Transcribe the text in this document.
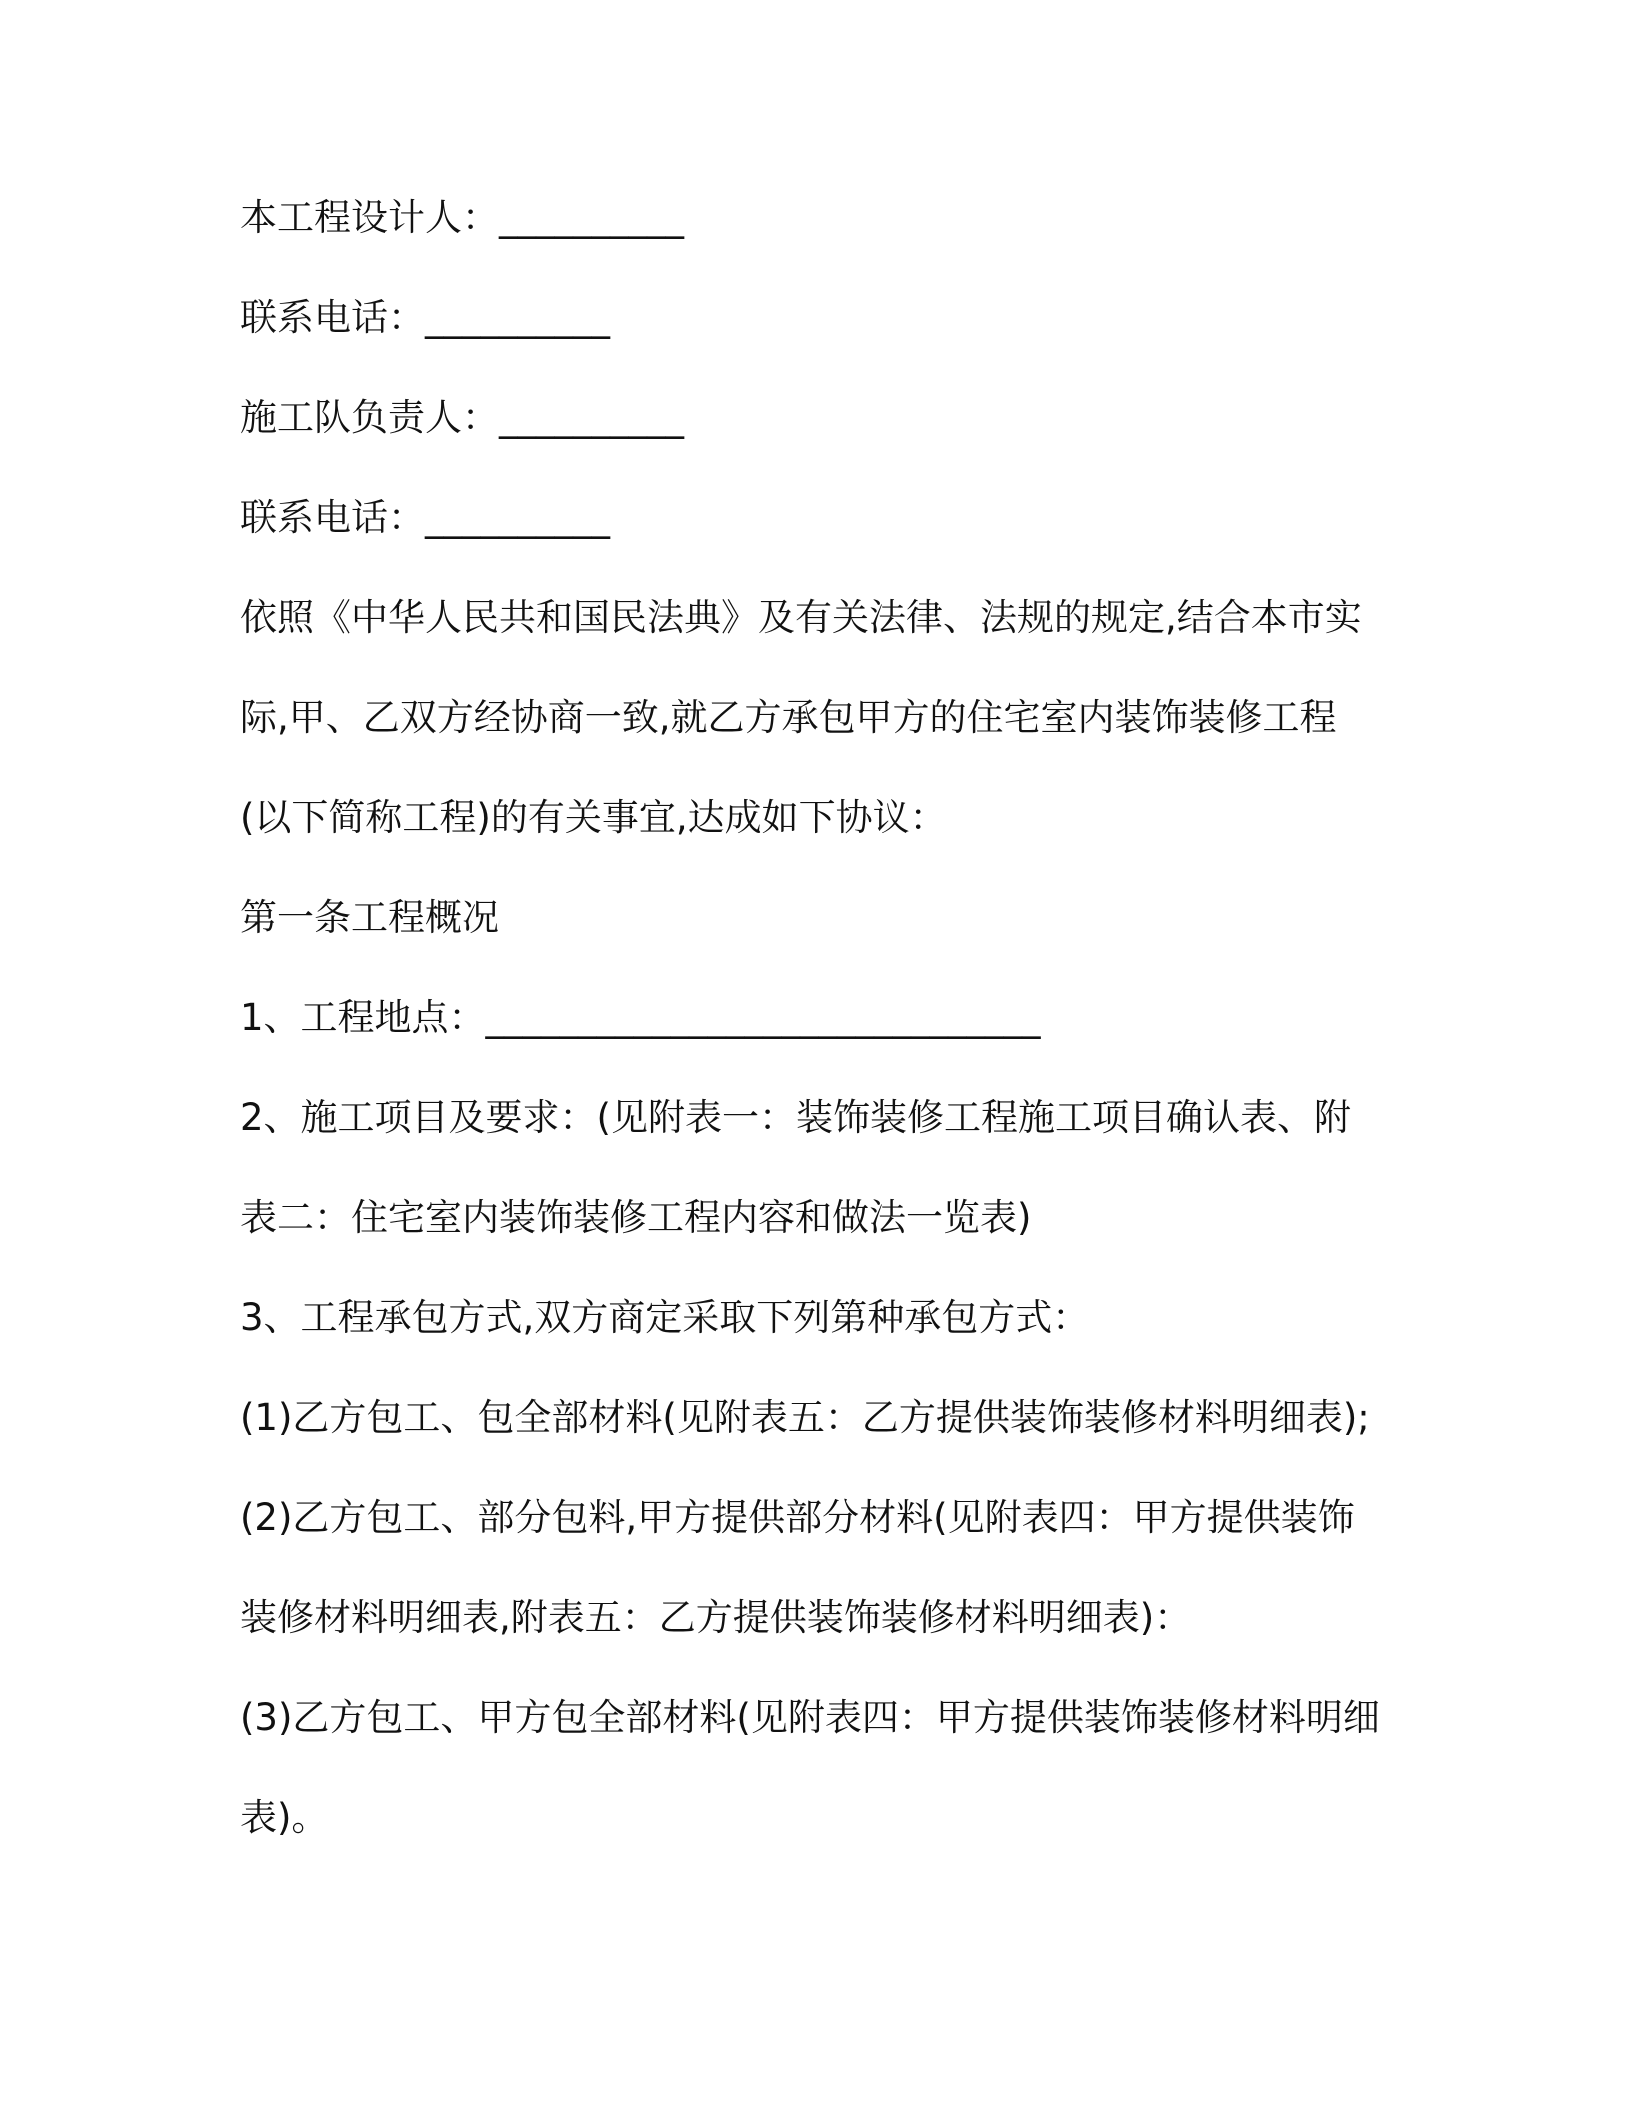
本工程设计人：__________

联系电话：__________

施工队负责人：__________

联系电话：__________

依照《中华人民共和国民法典》及有关法律、法规的规定,结合本市实

际,甲、乙双方经协商一致,就乙方承包甲方的住宅室内装饰装修工程

(以下简称工程)的有关事宜,达成如下协议：

第一条工程概况

1、工程地点：______________________________

2、施工项目及要求：(见附表一：装饰装修工程施工项目确认表、附

表二：住宅室内装饰装修工程内容和做法一览表)

3、工程承包方式,双方商定采取下列第种承包方式：

(1)乙方包工、包全部材料(见附表五：乙方提供装饰装修材料明细表);

(2)乙方包工、部分包料,甲方提供部分材料(见附表四：甲方提供装饰

装修材料明细表,附表五：乙方提供装饰装修材料明细表)：

(3)乙方包工、甲方包全部材料(见附表四：甲方提供装饰装修材料明细

表)。
